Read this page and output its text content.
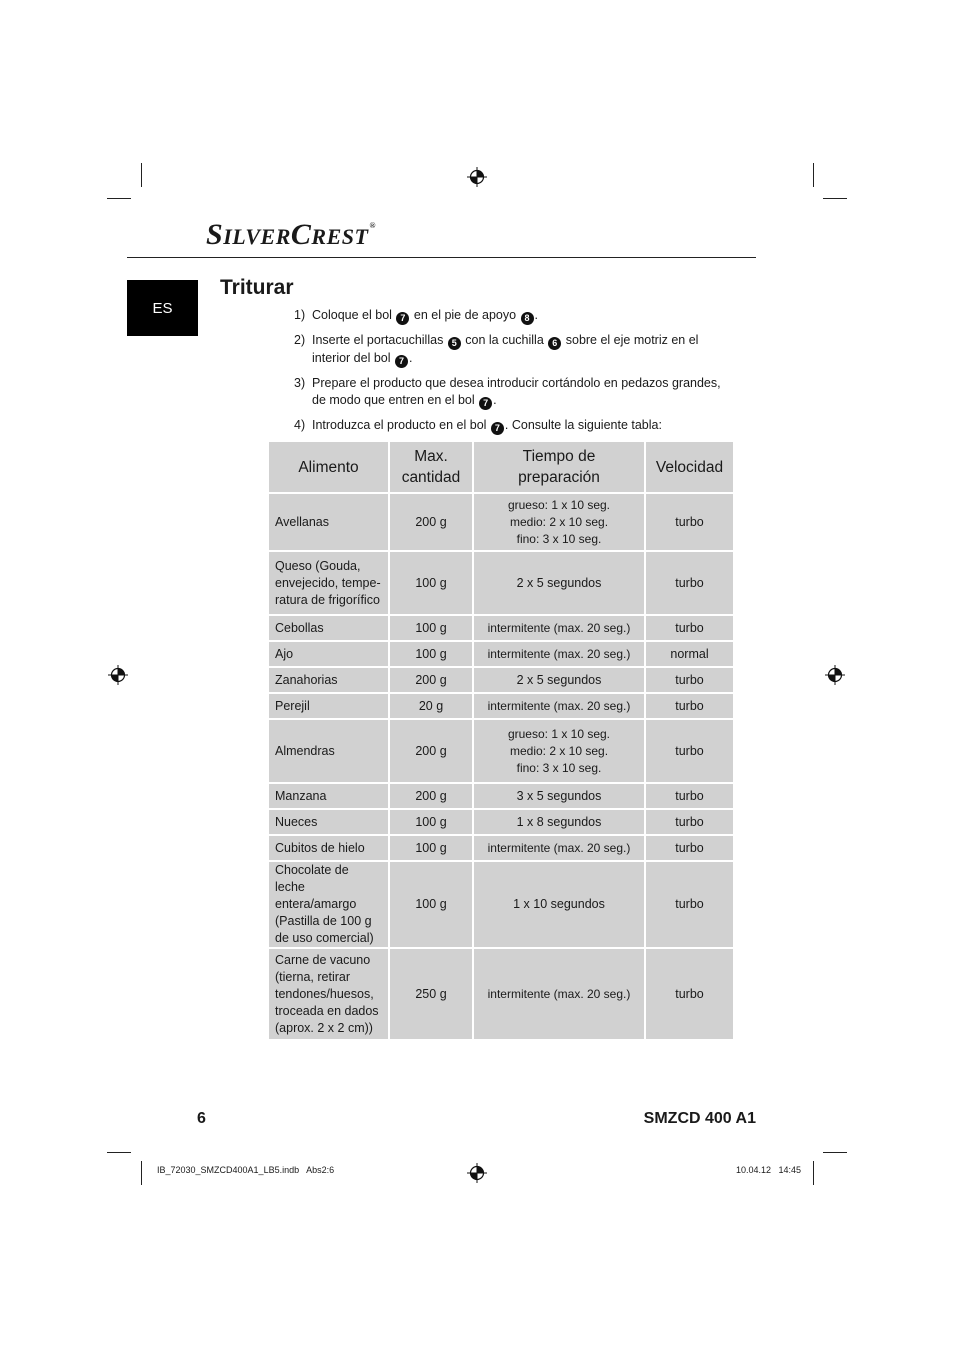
SILVERCREST®
ES
Triturar
1) Coloque el bol 7 en el pie de apoyo 8 .
2) Inserte el portacuchillas 5 con la cuchilla 6 sobre el eje motriz en el interior del bol 7 .
3) Prepare el producto que desea introducir cortándolo en pedazos grandes, de modo que entren en el bol 7 .
4) Introduzca el producto en el bol 7 . Consulte la siguiente tabla:
Alimento	Max. cantidad	Tiempo de preparación	Velocidad
Avellanas	200 g	grueso: 1 x 10 seg.
medio: 2 x 10 seg.
fino: 3 x 10 seg.	turbo
Queso (Gouda, envejecido, tempe-ratura de frigorífico	100 g	2 x 5 segundos	turbo
Cebollas	100 g	intermitente (max. 20 seg.)	turbo
Ajo	100 g	intermitente (max. 20 seg.)	normal
Zanahorias	200 g	2 x 5 segundos	turbo
Perejil	20 g	intermitente (max. 20 seg.)	turbo
Almendras	200 g	grueso: 1 x 10 seg.
medio: 2 x 10 seg.
fino: 3 x 10 seg.	turbo
Manzana	200 g	3 x 5 segundos	turbo
Nueces	100 g	1 x 8 segundos	turbo
Cubitos de hielo	100 g	intermitente (max. 20 seg.)	turbo
Chocolate de leche entera/amargo (Pastilla de 100 g de uso comercial)	100 g	1 x 10 segundos	turbo
Carne de vacuno (tierna, retirar tendones/huesos, troceada en dados (aprox. 2 x 2 cm))	250 g	intermitente (max. 20 seg.)	turbo
6	SMZCD 400 A1
IB_72030_SMZCD400A1_LB5.indb   Abs2:6	10.04.12   14:45
